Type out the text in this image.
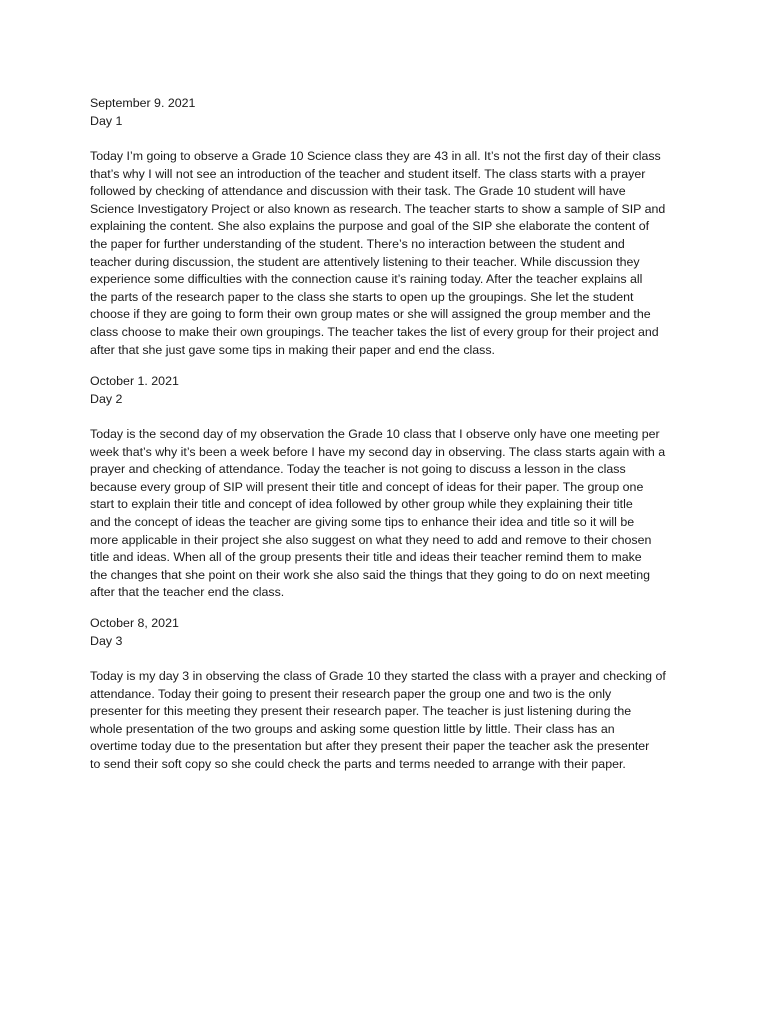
September 9. 2021

Day 1

Today I’m going to observe a Grade 10 Science class they are 43 in all. It’s not the first day of their class
that’s why I will not see an introduction of the teacher and student itself. The class starts with a prayer
followed by checking of attendance and discussion with their task. The Grade 10 student will have
Science Investigatory Project or also known as research. The teacher starts to show a sample of SIP and
explaining the content. She also explains the purpose and goal of the SIP she elaborate the content of
the paper for further understanding of the student. There’s no interaction between the student and
teacher during discussion, the student are attentively listening to their teacher. While discussion they
experience some difficulties with the connection cause it’s raining today. After the teacher explains all
the parts of the research paper to the class she starts to open up the groupings. She let the student
choose if they are going to form their own group mates or she will assigned the group member and the
class choose to make their own groupings. The teacher takes the list of every group for their project and
after that she just gave some tips in making their paper and end the class.

October 1. 2021

Day 2

Today is the second day of my observation the Grade 10 class that I observe only have one meeting per
week that’s why it’s been a week before I have my second day in observing. The class starts again with a
prayer and checking of attendance. Today the teacher is not going to discuss a lesson in the class
because every group of SIP will present their title and concept of ideas for their paper. The group one
start to explain their title and concept of idea followed by other group while they explaining their title
and the concept of ideas the teacher are giving some tips to enhance their idea and title so it will be
more applicable in their project she also suggest on what they need to add and remove to their chosen
title and ideas. When all of the group presents their title and ideas their teacher remind them to make
the changes that she point on their work she also said the things that they going to do on next meeting
after that the teacher end the class.

October 8, 2021

Day 3

Today is my day 3 in observing the class of Grade 10 they started the class with a prayer and checking of
attendance. Today their going to present their research paper the group one and two is the only
presenter for this meeting they present their research paper. The teacher is just listening during the
whole presentation of the two groups and asking some question little by little. Their class has an
overtime today due to the presentation but after they present their paper the teacher ask the presenter
to send their soft copy so she could check the parts and terms needed to arrange with their paper.
